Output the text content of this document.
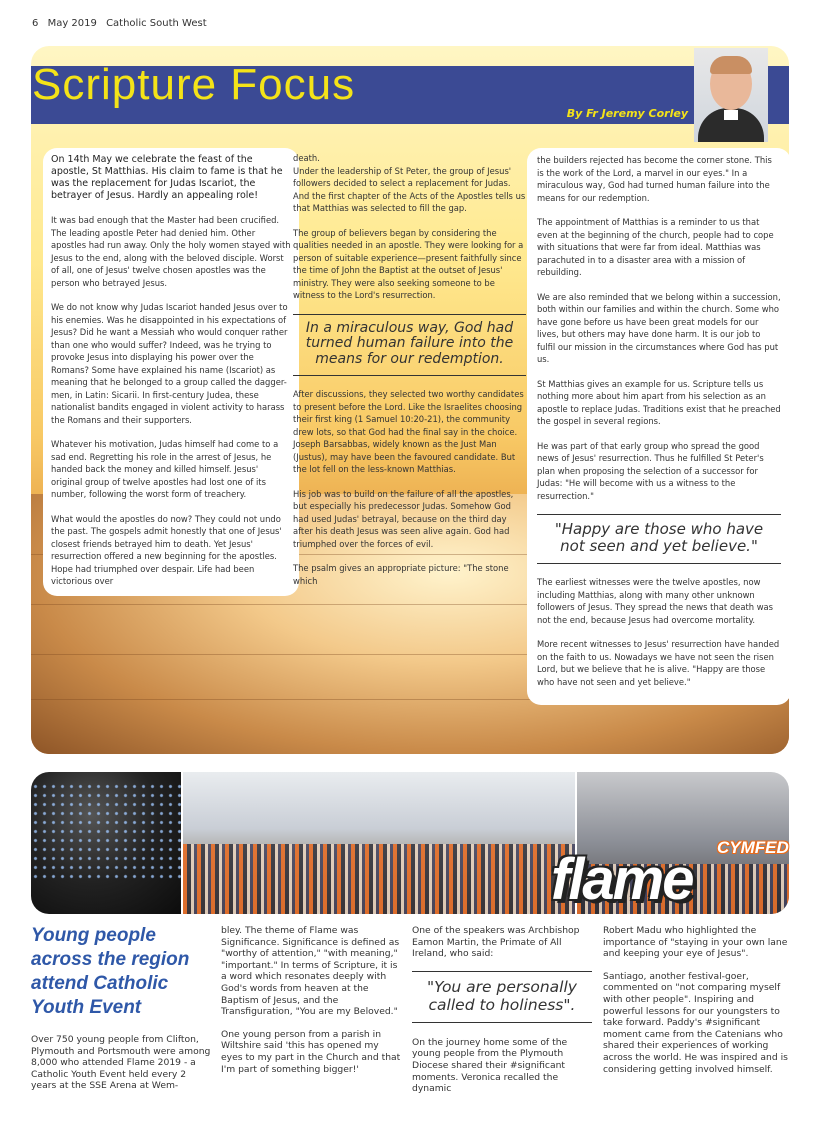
6 May 2019 Catholic South West
Scripture Focus
By Fr Jeremy Corley

On 14th May we celebrate the feast of the apostle, St Matthias. His claim to fame is that he was the replacement for Judas Iscariot, the betrayer of Jesus. Hardly an appealing role!

It was bad enough that the Master had been crucified. The leading apostle Peter had denied him. Other apostles had run away. Only the holy women stayed with Jesus to the end, along with the beloved disciple. Worst of all, one of Jesus' twelve chosen apostles was the person who betrayed Jesus.

We do not know why Judas Iscariot handed Jesus over to his enemies. Was he disappointed in his expectations of Jesus? Did he want a Messiah who would conquer rather than one who would suffer? Indeed, was he trying to provoke Jesus into displaying his power over the Romans? Some have explained his name (Iscariot) as meaning that he belonged to a group called the dagger-men, in Latin: Sicarii. In first-century Judea, these nationalist bandits engaged in violent activity to harass the Romans and their supporters.

Whatever his motivation, Judas himself had come to a sad end. Regretting his role in the arrest of Jesus, he handed back the money and killed himself. Jesus' original group of twelve apostles had lost one of its number, following the worst form of treachery.

What would the apostles do now? They could not undo the past. The gospels admit honestly that one of Jesus' closest friends betrayed him to death. Yet Jesus' resurrection offered a new beginning for the apostles. Hope had triumphed over despair. Life had been victorious over

death.
Under the leadership of St Peter, the group of Jesus' followers decided to select a replacement for Judas. And the first chapter of the Acts of the Apostles tells us that Matthias was selected to fill the gap.

The group of believers began by considering the qualities needed in an apostle. They were looking for a person of suitable experience—present faithfully since the time of John the Baptist at the outset of Jesus' ministry. They were also seeking someone to be witness to the Lord's resurrection.

In a miraculous way, God had turned human failure into the means for our redemption.

After discussions, they selected two worthy candidates to present before the Lord. Like the Israelites choosing their first king (1 Samuel 10:20-21), the community drew lots, so that God had the final say in the choice. Joseph Barsabbas, widely known as the Just Man (Justus), may have been the favoured candidate. But the lot fell on the less-known Matthias.

His job was to build on the failure of all the apostles, but especially his predecessor Judas. Somehow God had used Judas' betrayal, because on the third day after his death Jesus was seen alive again. God had triumphed over the forces of evil.

The psalm gives an appropriate picture: "The stone which

the builders rejected has become the corner stone. This is the work of the Lord, a marvel in our eyes." In a miraculous way, God had turned human failure into the means for our redemption.

The appointment of Matthias is a reminder to us that even at the beginning of the church, people had to cope with situations that were far from ideal. Matthias was parachuted in to a disaster area with a mission of rebuilding.

We are also reminded that we belong within a succession, both within our families and within the church. Some who have gone before us have been great models for our lives, but others may have done harm. It is our job to fulfil our mission in the circumstances where God has put us.

St Matthias gives an example for us. Scripture tells us nothing more about him apart from his selection as an apostle to replace Judas. Traditions exist that he preached the gospel in several regions.

He was part of that early group who spread the good news of Jesus' resurrection. Thus he fulfilled St Peter's plan when proposing the selection of a successor for Judas: "He will become with us a witness to the resurrection."

"Happy are those who have not seen and yet believe."

The earliest witnesses were the twelve apostles, now including Matthias, along with many other unknown followers of Jesus. They spread the news that death was not the end, because Jesus had overcome mortality.

More recent witnesses to Jesus' resurrection have handed on the faith to us. Nowadays we have not seen the risen Lord, but we believe that he is alive. "Happy are those who have not seen and yet believe."

flame CYMFED
Young people across the region attend Catholic Youth Event

Over 750 young people from Clifton, Plymouth and Portsmouth were among 8,000 who attended Flame 2019 - a Catholic Youth Event held every 2 years at the SSE Arena at Wem-

bley. The theme of Flame was Significance. Significance is defined as "worthy of attention," "with meaning," "important." In terms of Scripture, it is a word which resonates deeply with God's words from heaven at the Baptism of Jesus, and the Transfiguration, "You are my Beloved."

One young person from a parish in Wiltshire said 'this has opened my eyes to my part in the Church and that I'm part of something bigger!'

One of the speakers was Archbishop Eamon Martin, the Primate of All Ireland, who said:

"You are personally called to holiness".

On the journey home some of the young people from the Plymouth Diocese shared their #significant moments. Veronica recalled the dynamic

Robert Madu who highlighted the importance of "staying in your own lane and keeping your eye of Jesus".

Santiago, another festival-goer, commented on "not comparing myself with other people". Inspiring and powerful lessons for our youngsters to take forward. Paddy's #significant moment came from the Catenians who shared their experiences of working across the world. He was inspired and is considering getting involved himself.
